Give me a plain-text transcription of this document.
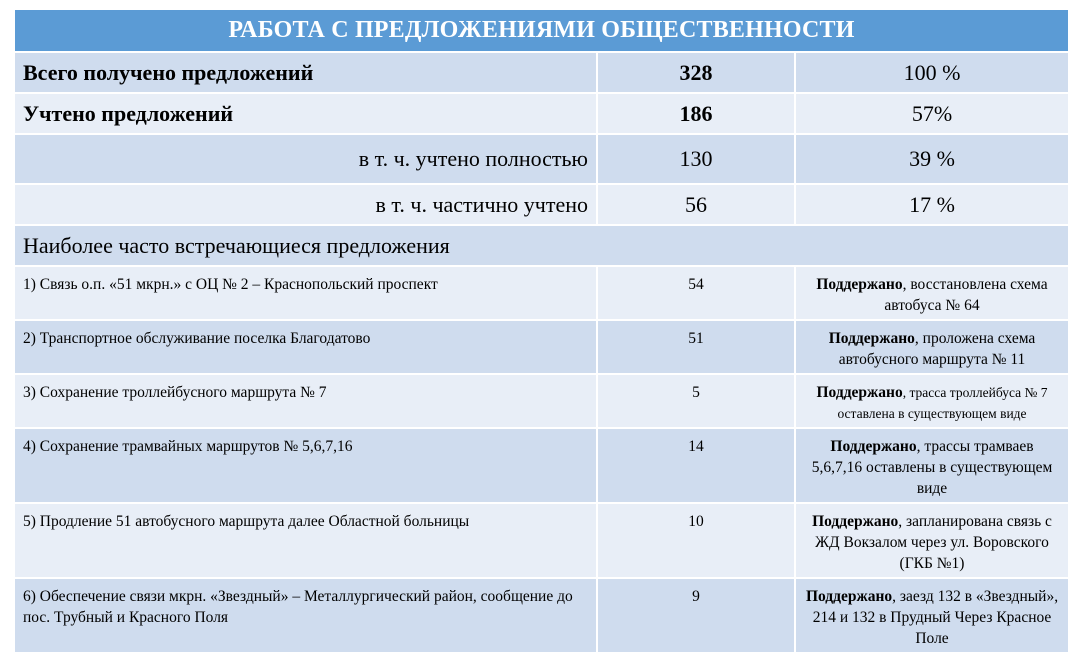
РАБОТА С ПРЕДЛОЖЕНИЯМИ ОБЩЕСТВЕННОСТИ		
Всего получено предложений	328	100 %
Учтено предложений	186	57%
в т. ч. учтено полностью	130	39 %
в т. ч. частично учтено	56	17 %
Наиболее часто встречающиеся предложения		
1) Связь о.п. «51 мкрн.» с ОЦ № 2 – Краснопольский проспект	54	Поддержано, восстановлена схема автобуса № 64
2) Транспортное обслуживание поселка Благодатово	51	Поддержано, проложена схема автобусного маршрута № 11
3) Сохранение троллейбусного маршрута № 7	5	Поддержано, трасса троллейбуса № 7 оставлена в существующем виде
4) Сохранение трамвайных маршрутов № 5,6,7,16	14	Поддержано, трассы трамваев 5,6,7,16 оставлены в существующем виде
5) Продление 51 автобусного маршрута далее Областной больницы	10	Поддержано, запланирована связь с ЖД Вокзалом через ул. Воровского (ГКБ №1)
6) Обеспечение связи мкрн. «Звездный» – Металлургический район, сообщение до пос. Трубный и Красного Поля	9	Поддержано, заезд 132 в «Звездный», 214 и 132 в Прудный Через Красное Поле
